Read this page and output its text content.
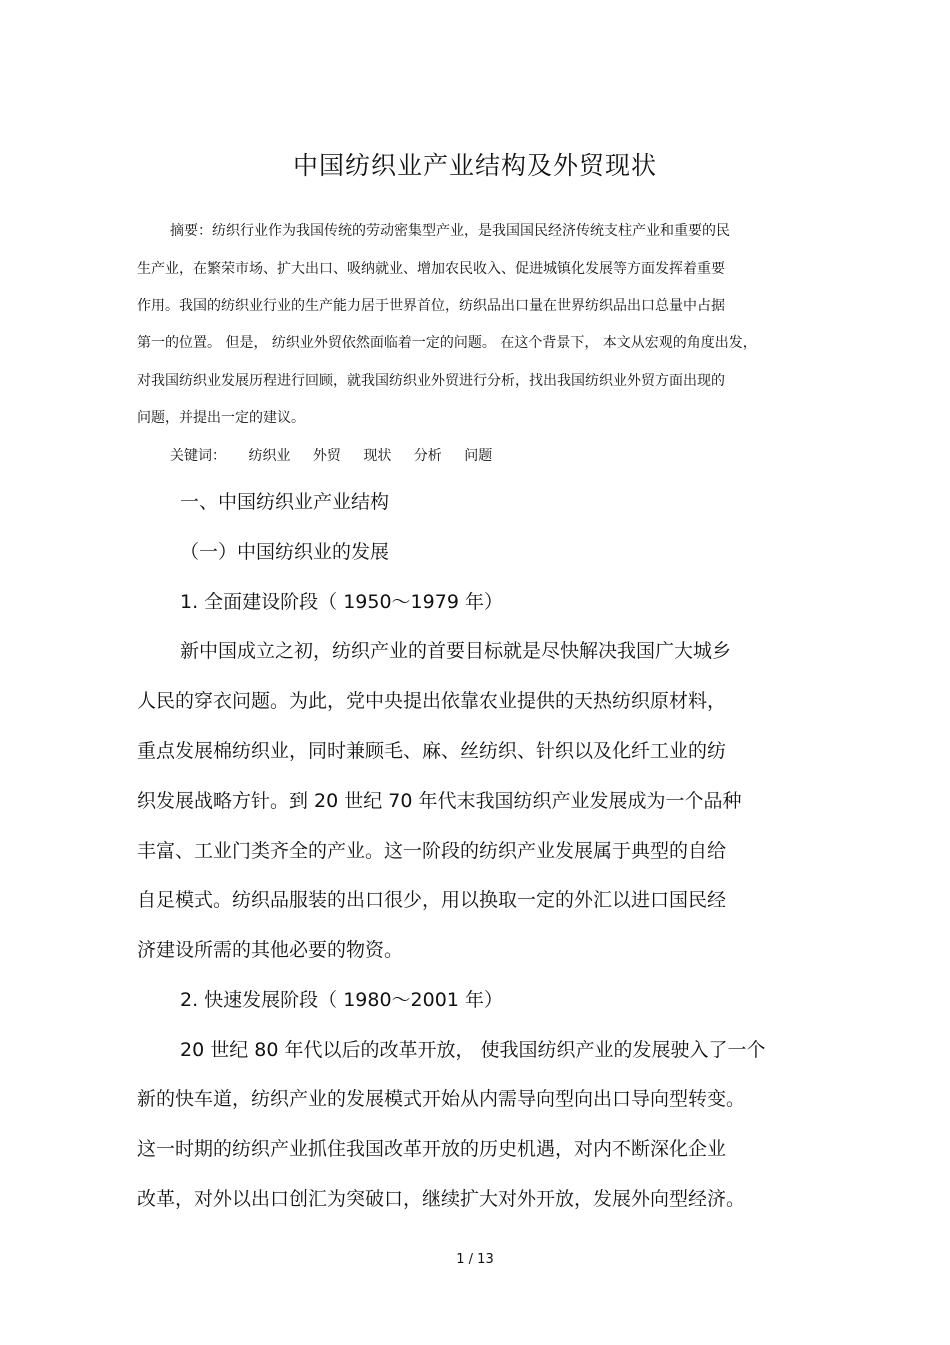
中国纺织业产业结构及外贸现状

摘要：纺织行业作为我国传统的劳动密集型产业，是我国国民经济传统支柱产业和重要的民

生产业，在繁荣市场、扩大出口、吸纳就业、增加农民收入、促进城镇化发展等方面发挥着重要

作用。我国的纺织业行业的生产能力居于世界首位，纺织品出口量在世界纺织品出口总量中占据

第一的位置。 但是， 纺织业外贸依然面临着一定的问题。 在这个背景下， 本文从宏观的角度出发，

对我国纺织业发展历程进行回顾，就我国纺织业外贸进行分析，找出我国纺织业外贸方面出现的

问题，并提出一定的建议。

关键词： 纺织业 外贸 现状 分析 问题

一、中国纺织业产业结构

（一）中国纺织业的发展

1. 全面建设阶段（ 1950～1979 年）

新中国成立之初，纺织产业的首要目标就是尽快解决我国广大城乡

人民的穿衣问题。为此，党中央提出依靠农业提供的天热纺织原材料，

重点发展棉纺织业，同时兼顾毛、麻、丝纺织、针织以及化纤工业的纺

织发展战略方针。到 20 世纪 70 年代末我国纺织产业发展成为一个品种

丰富、工业门类齐全的产业。这一阶段的纺织产业发展属于典型的自给

自足模式。纺织品服装的出口很少，用以换取一定的外汇以进口国民经

济建设所需的其他必要的物资。

2. 快速发展阶段（ 1980～2001 年）

20 世纪 80 年代以后的改革开放， 使我国纺织产业的发展驶入了一个

新的快车道，纺织产业的发展模式开始从内需导向型向出口导向型转变。

这一时期的纺织产业抓住我国改革开放的历史机遇，对内不断深化企业

改革，对外以出口创汇为突破口，继续扩大对外开放，发展外向型经济。

1 / 13
